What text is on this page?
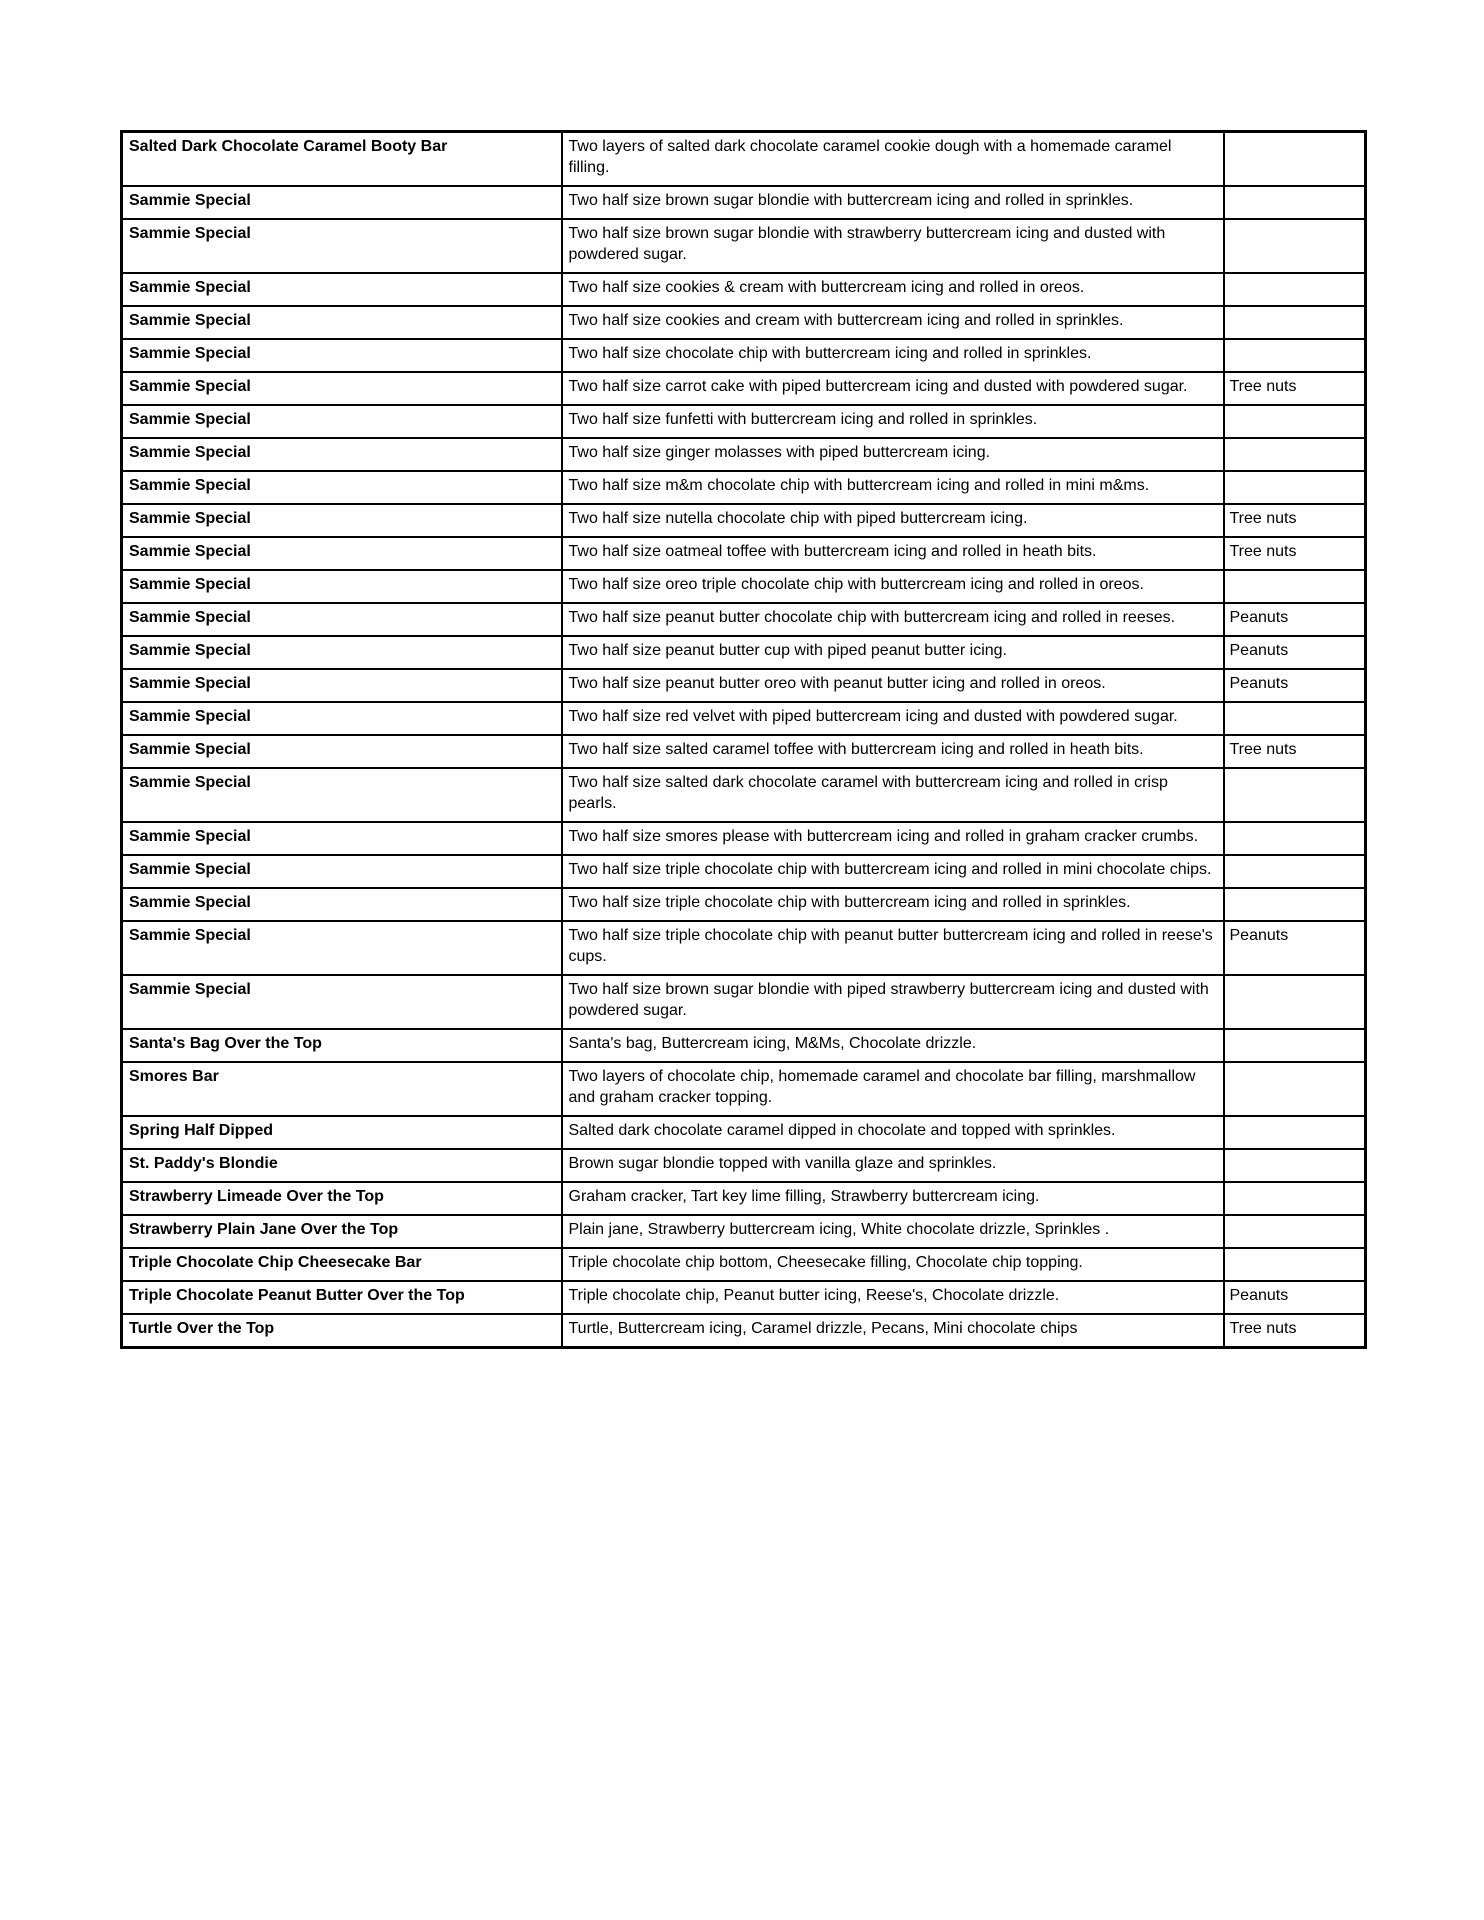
Salted Dark Chocolate Caramel Booty Bar	Two layers of salted dark chocolate caramel cookie dough with a homemade caramel filling.	
Sammie Special	Two half size brown sugar blondie with buttercream icing and rolled in sprinkles.	
Sammie Special	Two half size brown sugar blondie with strawberry buttercream icing and dusted with powdered sugar.	
Sammie Special	Two half size cookies & cream with buttercream icing and rolled in oreos.	
Sammie Special	Two half size cookies and cream with buttercream icing and rolled in sprinkles.	
Sammie Special	Two half size chocolate chip with buttercream icing and rolled in sprinkles.	
Sammie Special	Two half size carrot cake with piped buttercream icing and dusted with powdered sugar.	Tree nuts
Sammie Special	Two half size funfetti with buttercream icing and rolled in sprinkles.	
Sammie Special	Two half size ginger molasses with piped buttercream icing.	
Sammie Special	Two half size m&m chocolate chip with buttercream icing and rolled in mini m&ms.	
Sammie Special	Two half size nutella chocolate chip with piped buttercream icing.	Tree nuts
Sammie Special	Two half size oatmeal toffee with buttercream icing and rolled in heath bits.	Tree nuts
Sammie Special	Two half size oreo triple chocolate chip with buttercream icing and rolled in oreos.	
Sammie Special	Two half size peanut butter chocolate chip with buttercream icing and rolled in reeses.	Peanuts
Sammie Special	Two half size peanut butter cup with piped peanut butter icing.	Peanuts
Sammie Special	Two half size peanut butter oreo with peanut butter icing and rolled in oreos.	Peanuts
Sammie Special	Two half size red velvet with piped buttercream icing and dusted with powdered sugar.	
Sammie Special	Two half size salted caramel toffee with buttercream icing and rolled in heath bits.	Tree nuts
Sammie Special	Two half size salted dark chocolate caramel with buttercream icing and rolled in crisp pearls.	
Sammie Special	Two half size smores please with buttercream icing and rolled in graham cracker crumbs.	
Sammie Special	Two half size triple chocolate chip with buttercream icing and rolled in mini chocolate chips.	
Sammie Special	Two half size triple chocolate chip with buttercream icing and rolled in sprinkles.	
Sammie Special	Two half size triple chocolate chip with peanut butter buttercream icing and rolled in reese's cups.	Peanuts
Sammie Special	Two half size brown sugar blondie with piped strawberry buttercream icing and dusted with powdered sugar.	
Santa's Bag Over the Top	Santa's bag, Buttercream icing, M&Ms, Chocolate drizzle.	
Smores Bar	Two layers of chocolate chip, homemade caramel and chocolate bar filling, marshmallow and graham cracker topping.	
Spring Half Dipped	Salted dark chocolate caramel dipped in chocolate and topped with sprinkles.	
St. Paddy's Blondie	Brown sugar blondie topped with vanilla glaze and sprinkles.	
Strawberry Limeade Over the Top	Graham cracker, Tart key lime filling, Strawberry buttercream icing.	
Strawberry Plain Jane Over the Top	Plain jane, Strawberry buttercream icing, White chocolate drizzle, Sprinkles .	
Triple Chocolate Chip Cheesecake Bar	Triple chocolate chip bottom, Cheesecake filling, Chocolate chip topping.	
Triple Chocolate Peanut Butter Over the Top	Triple chocolate chip, Peanut butter icing, Reese's, Chocolate drizzle.	Peanuts
Turtle Over the Top	Turtle, Buttercream icing, Caramel drizzle, Pecans, Mini chocolate chips	Tree nuts
